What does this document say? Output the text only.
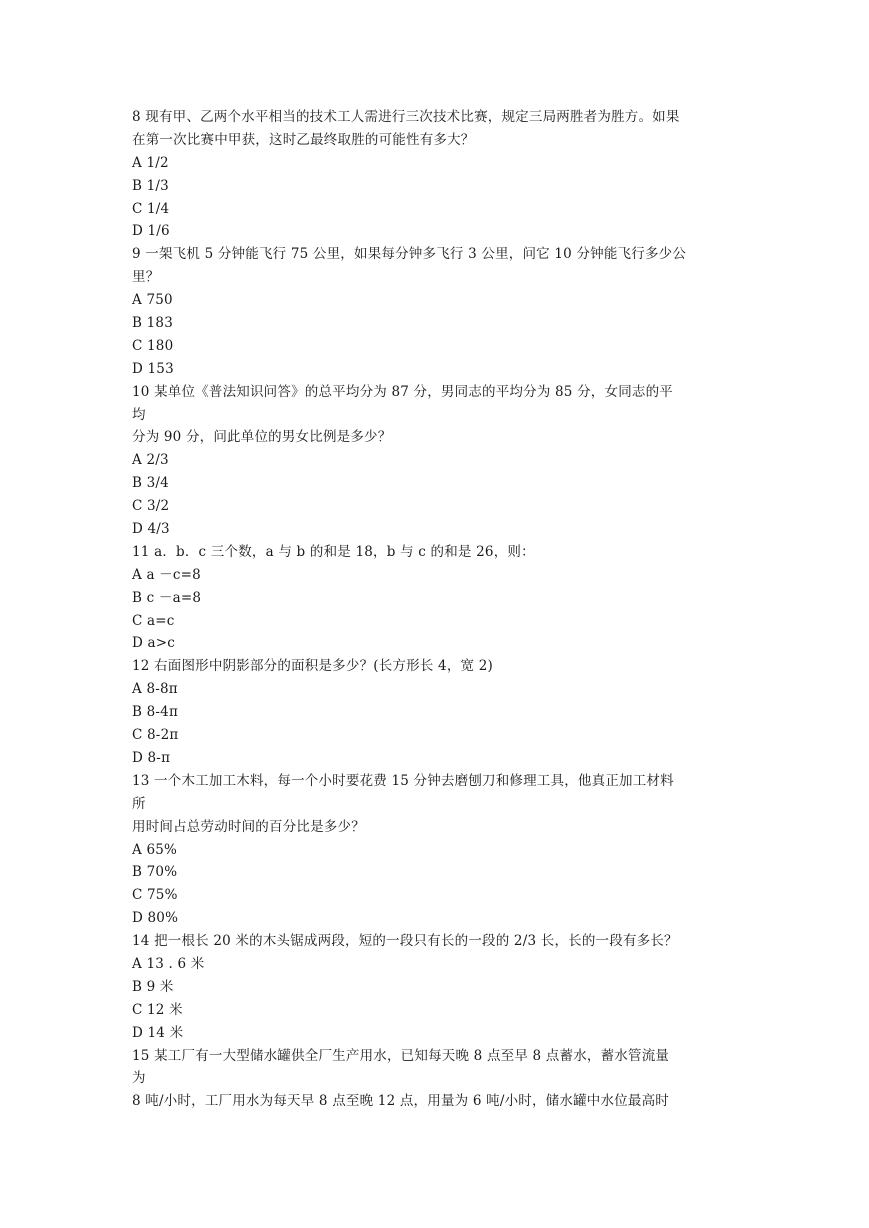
8 现有甲、乙两个水平相当的技术工人需进行三次技术比赛，规定三局两胜者为胜方。如果
在第一次比赛中甲获，这时乙最终取胜的可能性有多大？
A 1/2
B 1/3
C 1/4
D 1/6
9 一架飞机 5 分钟能飞行 75 公里，如果每分钟多飞行 3 公里，问它 10 分钟能飞行多少公
里？
A 750
B 183
C 180
D 153
10 某单位《普法知识问答》的总平均分为 87 分，男同志的平均分为 85 分，女同志的平
均
分为 90 分，问此单位的男女比例是多少？
A 2/3
B 3/4
C 3/2
D 4/3
11 a．b．c 三个数，a 与 b 的和是 18，b 与 c 的和是 26，则：
A a －c=8
B c －a=8
C a=c
D a>c
12 右面图形中阴影部分的面积是多少？(长方形长 4，宽 2)
A 8-8π
B 8-4π
C 8-2π
D 8-π
13 一个木工加工木料，每一个小时要花费 15 分钟去磨刨刀和修理工具，他真正加工材料
所
用时间占总劳动时间的百分比是多少？
A 65%
B 70%
C 75%
D 80%
14 把一根长 20 米的木头锯成两段，短的一段只有长的一段的 2/3 长，长的一段有多长？
A 13 . 6 米
B 9 米
C 12 米
D 14 米
15 某工厂有一大型储水罐供全厂生产用水，已知每天晚 8 点至早 8 点蓄水，蓄水管流量
为
8 吨/小时，工厂用水为每天早 8 点至晚 12 点，用量为 6 吨/小时，储水罐中水位最高时
